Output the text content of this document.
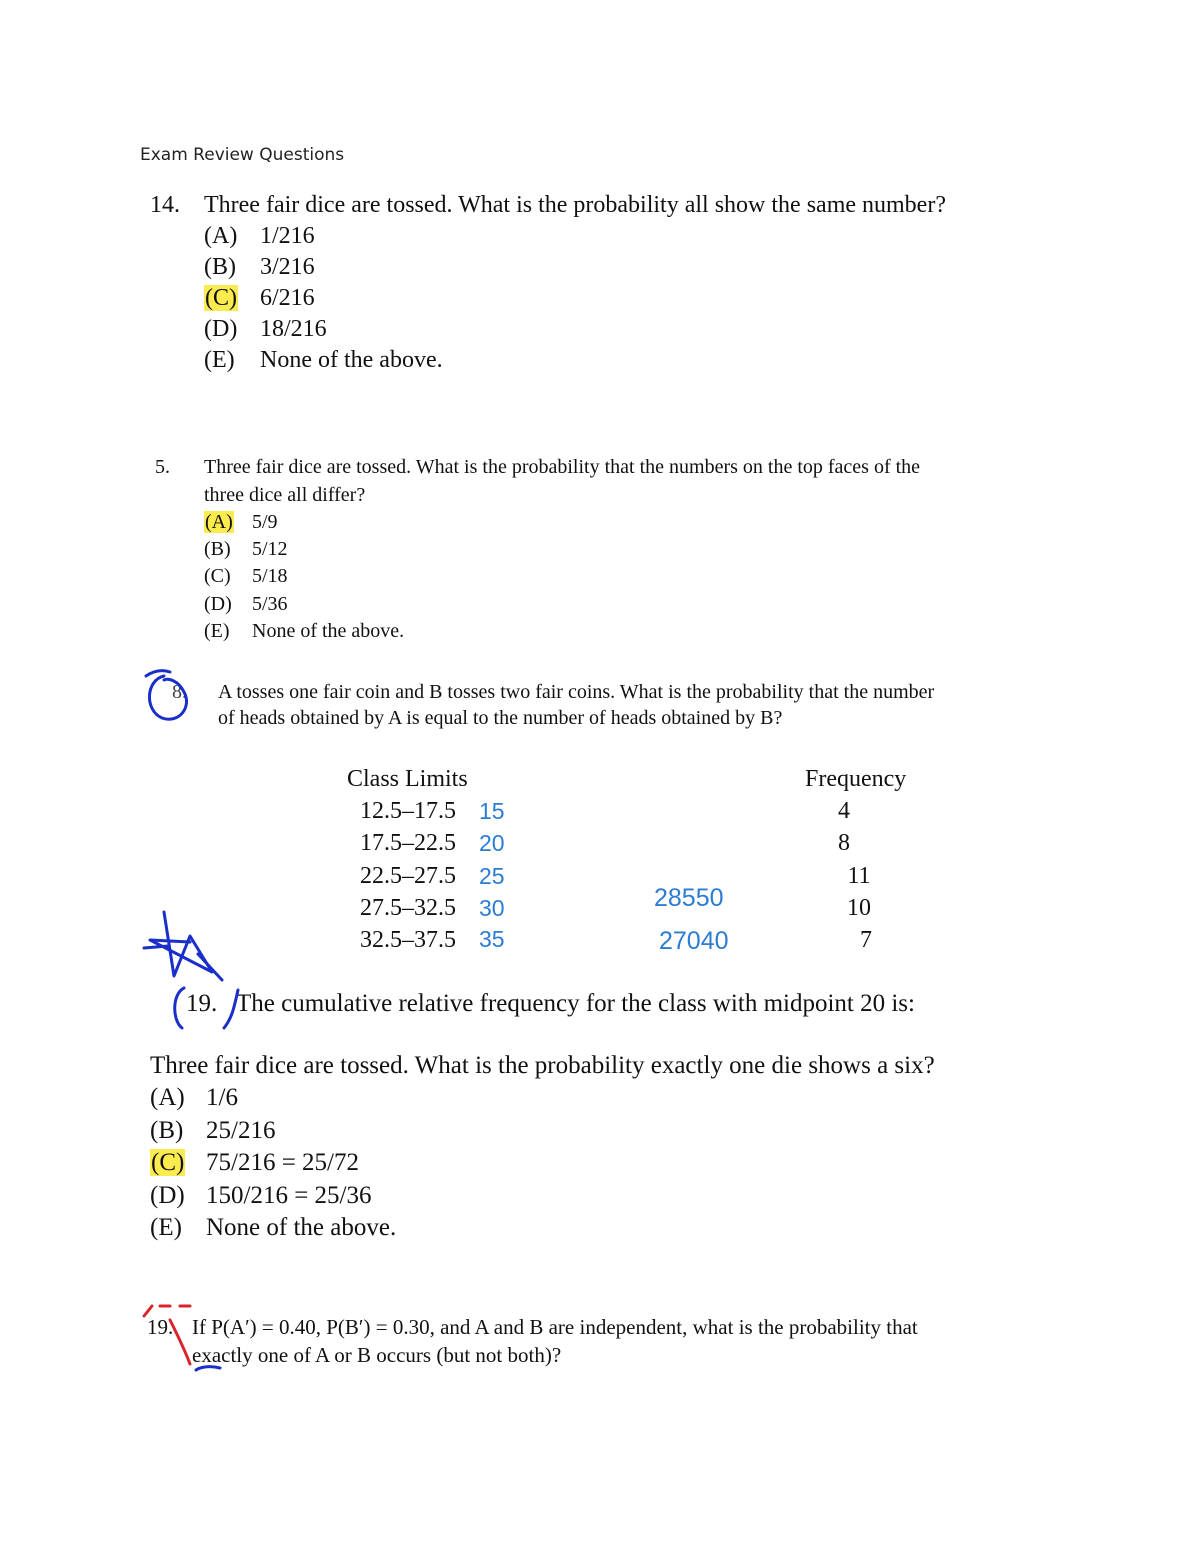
Exam Review Questions
14. Three fair dice are tossed. What is the probability all show the same number?
(A) 1/216
(B) 3/216
(C) 6/216
(D) 18/216
(E) None of the above.
5. Three fair dice are tossed. What is the probability that the numbers on the top faces of the
three dice all differ?
(A) 5/9
(B) 5/12
(C) 5/18
(D) 5/36
(E) None of the above.
8. A tosses one fair coin and B tosses two fair coins. What is the probability that the number
of heads obtained by A is equal to the number of heads obtained by B?
Class Limits	Frequency
12.5–17.5 15	4
17.5–22.5 20	8
22.5–27.5 25	11
27.5–32.5 30	10
32.5–37.5 35	7
28550
27040
19. The cumulative relative frequency for the class with midpoint 20 is:
Three fair dice are tossed. What is the probability exactly one die shows a six?
(A) 1/6
(B) 25/216
(C) 75/216 = 25/72
(D) 150/216 = 25/36
(E) None of the above.
19. If P(A′) = 0.40, P(B′) = 0.30, and A and B are independent, what is the probability that
exactly one of A or B occurs (but not both)?
